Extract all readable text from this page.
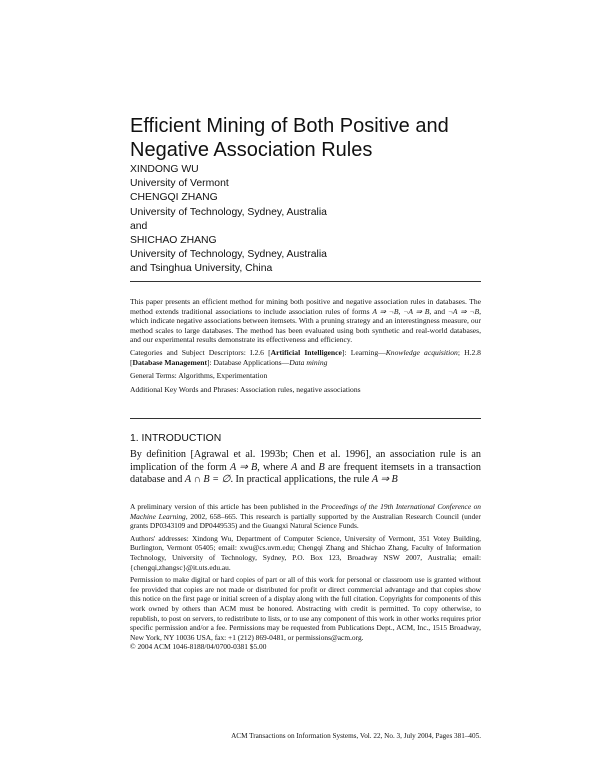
Efficient Mining of Both Positive and
Negative Association Rules
XINDONG WU
University of Vermont
CHENGQI ZHANG
University of Technology, Sydney, Australia
and
SHICHAO ZHANG
University of Technology, Sydney, Australia
and Tsinghua University, China

This paper presents an efficient method for mining both positive and negative association rules in databases. The method extends traditional associations to include association rules of forms A ⇒ ¬B, ¬A ⇒ B, and ¬A ⇒ ¬B, which indicate negative associations between itemsets. With a pruning strategy and an interestingness measure, our method scales to large databases. The method has been evaluated using both synthetic and real-world databases, and our experimental results demonstrate its effectiveness and efficiency.

Categories and Subject Descriptors: I.2.6 [Artificial Intelligence]: Learning—Knowledge acquisition; H.2.8 [Database Management]: Database Applications—Data mining

General Terms: Algorithms, Experimentation

Additional Key Words and Phrases: Association rules, negative associations

1. INTRODUCTION

By definition [Agrawal et al. 1993b; Chen et al. 1996], an association rule is an implication of the form A ⇒ B, where A and B are frequent itemsets in a transaction database and A ∩ B = ∅. In practical applications, the rule A ⇒ B

A preliminary version of this article has been published in the Proceedings of the 19th International Conference on Machine Learning, 2002, 658–665. This research is partially supported by the Australian Research Council (under grants DP0343109 and DP0449535) and the Guangxi Natural Science Funds.

Authors' addresses: Xindong Wu, Department of Computer Science, University of Vermont, 351 Votey Building, Burlington, Vermont 05405; email: xwu@cs.uvm.edu; Chengqi Zhang and Shichao Zhang, Faculty of Information Technology, University of Technology, Sydney, P.O. Box 123, Broadway NSW 2007, Australia; email: {chengqi,zhangsc}@it.uts.edu.au.

Permission to make digital or hard copies of part or all of this work for personal or classroom use is granted without fee provided that copies are not made or distributed for profit or direct commercial advantage and that copies show this notice on the first page or initial screen of a display along with the full citation. Copyrights for components of this work owned by others than ACM must be honored. Abstracting with credit is permitted. To copy otherwise, to republish, to post on servers, to redistribute to lists, or to use any component of this work in other works requires prior specific permission and/or a fee. Permissions may be requested from Publications Dept., ACM, Inc., 1515 Broadway, New York, NY 10036 USA, fax: +1 (212) 869-0481, or permissions@acm.org.

© 2004 ACM 1046-8188/04/0700-0381 $5.00

ACM Transactions on Information Systems, Vol. 22, No. 3, July 2004, Pages 381–405.
